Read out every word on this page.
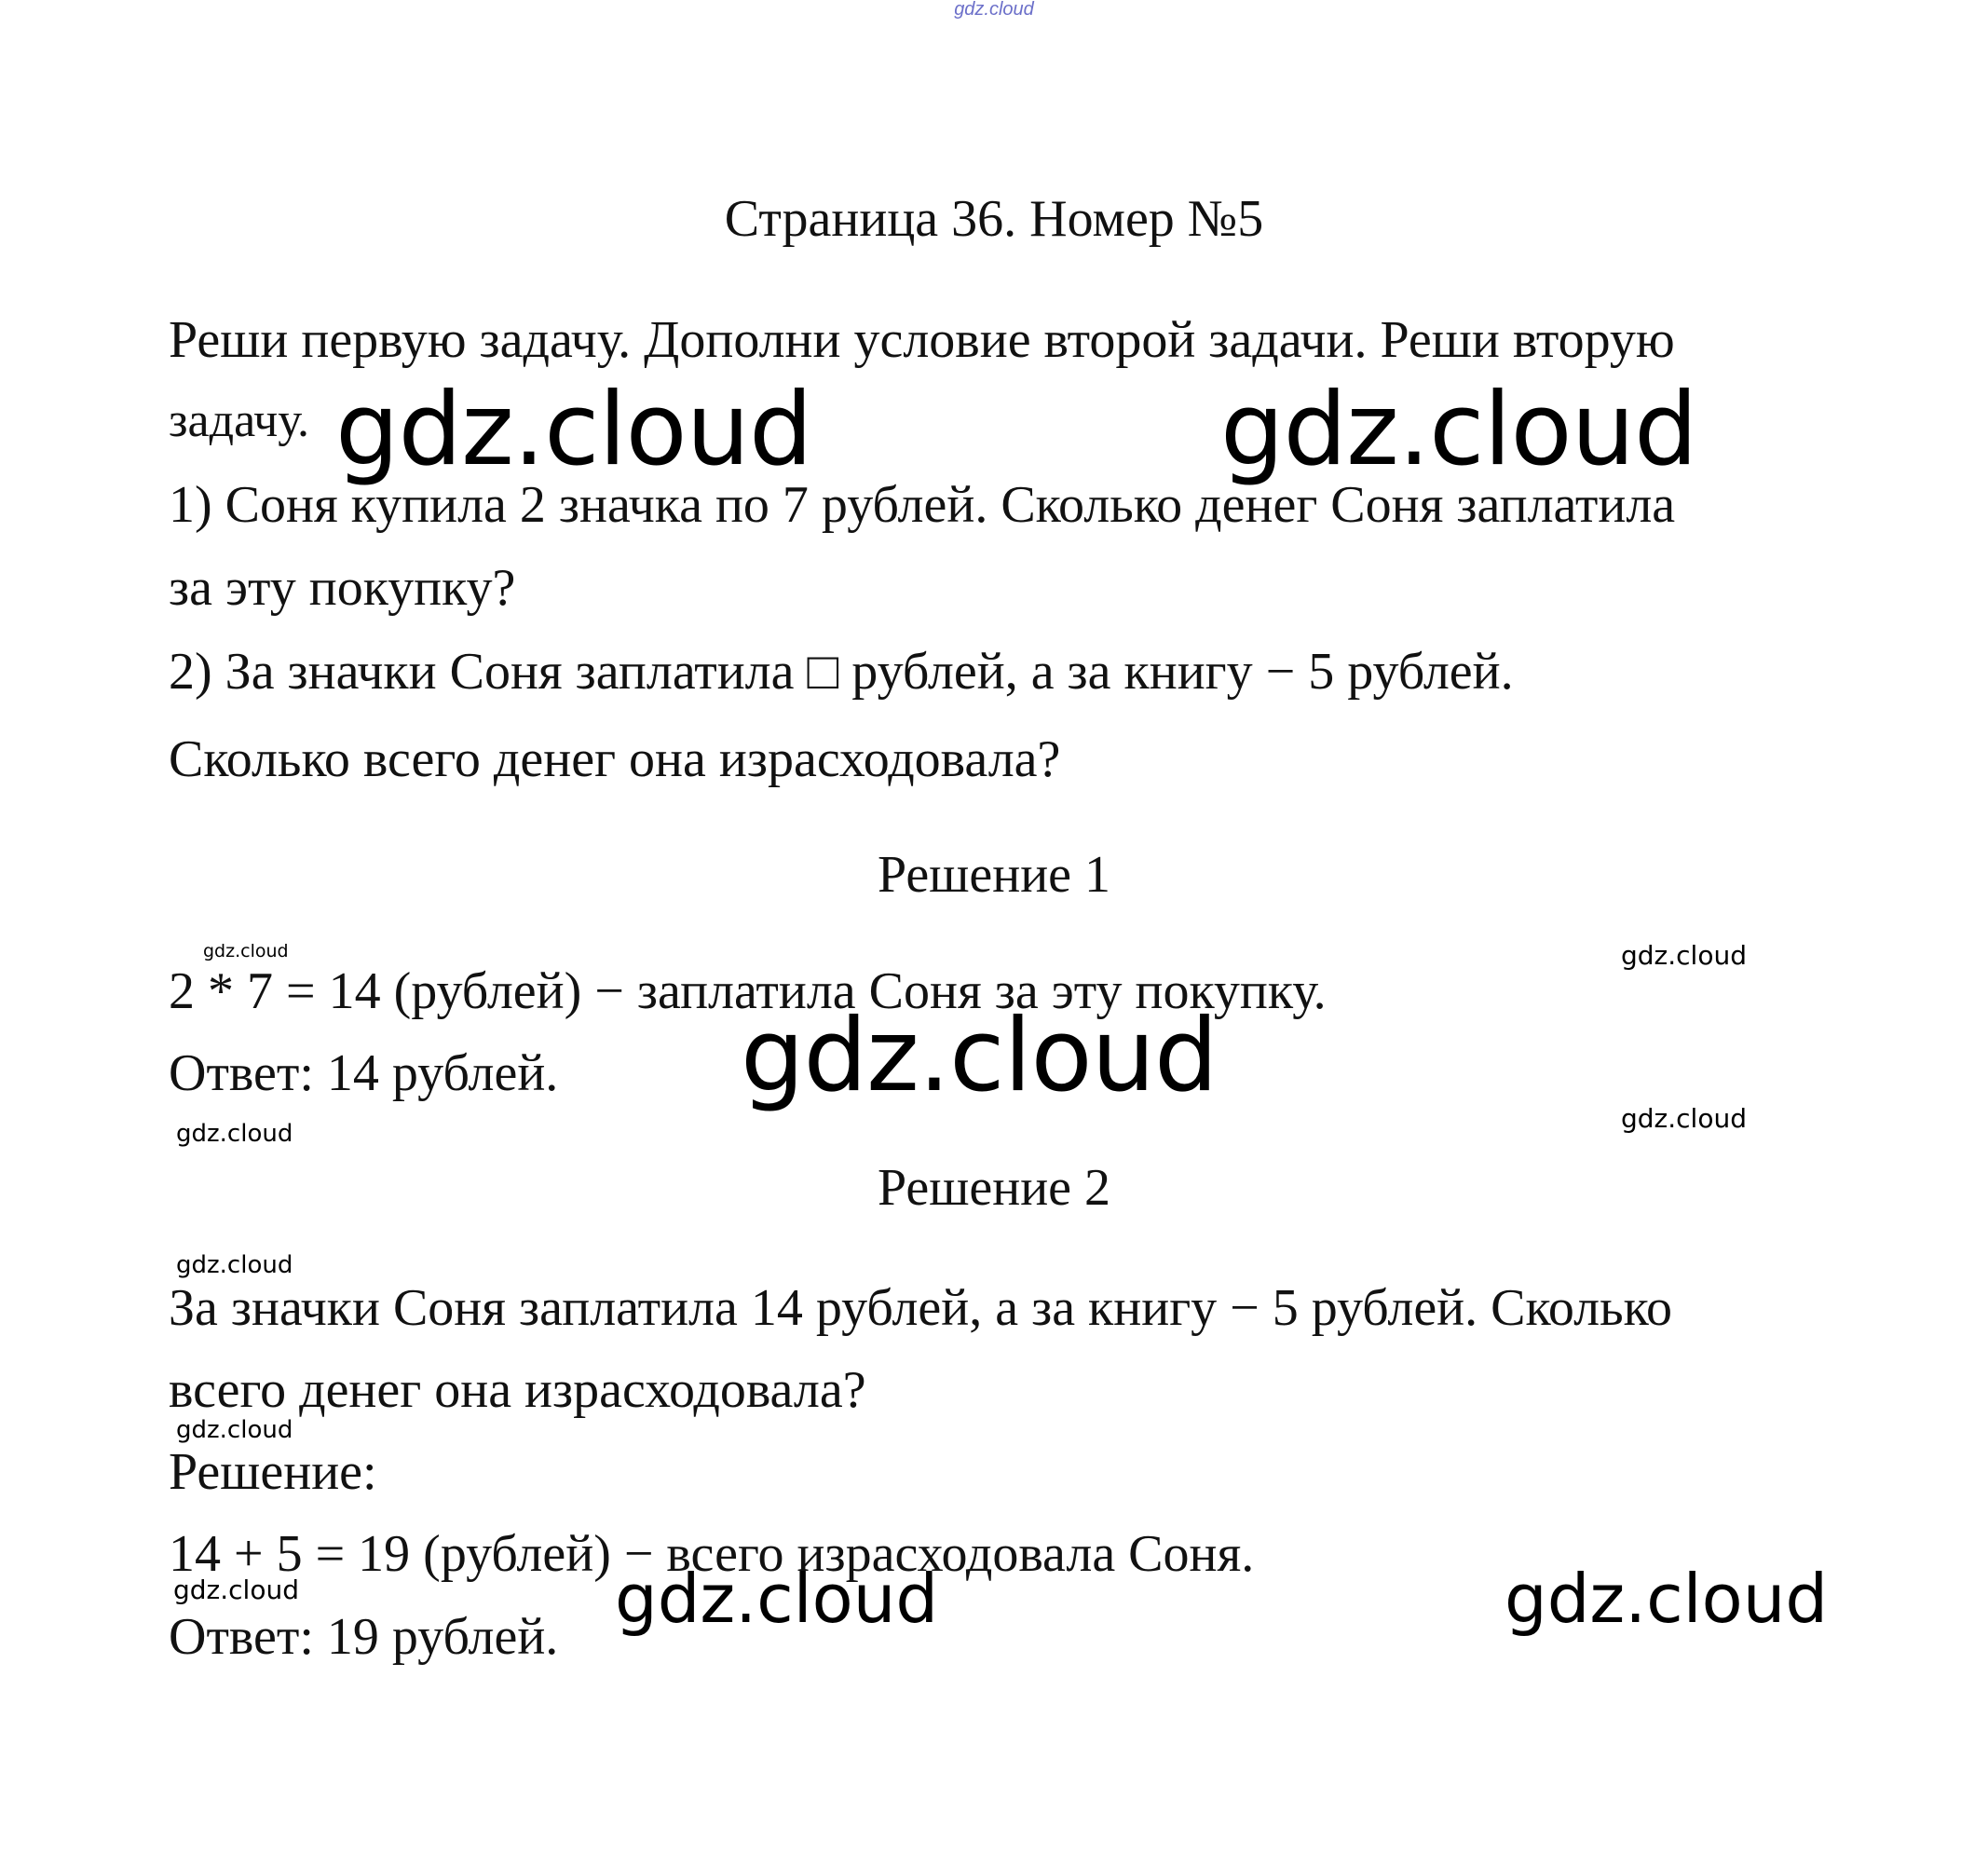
gdz.cloud

Страница 36. Номер №5

Реши первую задачу. Дополни условие второй задачи. Реши вторую

задачу.

1) Соня купила 2 значка по 7 рублей. Сколько денег Соня заплатила

за эту покупку?

2) За значки Соня заплатила □ рублей, а за книгу − 5 рублей.

Сколько всего денег она израсходовала?

Решение 1

2 * 7 = 14 (рублей) − заплатила Соня за эту покупку.

Ответ: 14 рублей.

Решение 2

За значки Соня заплатила 14 рублей, а за книгу − 5 рублей. Сколько

всего денег она израсходовала?

Решение:

14 + 5 = 19 (рублей) − всего израсходовала Соня.

Ответ: 19 рублей.

gdz.cloud	gdz.cloud
gdz.cloud
gdz.cloud	gdz.cloud
gdz.cloud	gdz.cloud
gdz.cloud
gdz.cloud
gdz.cloud
gdz.cloud
gdz.cloud
